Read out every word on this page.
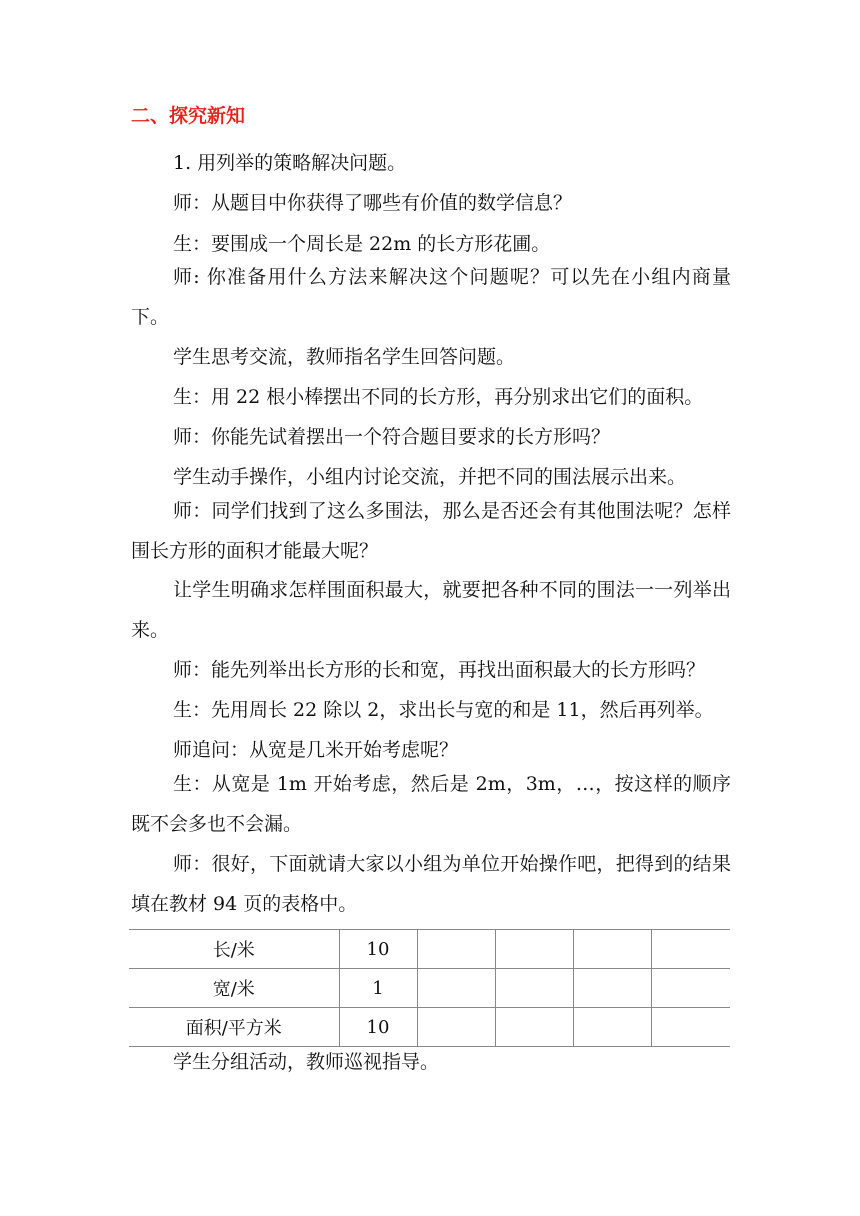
二、探究新知

1. 用列举的策略解决问题。

师：从题目中你获得了哪些有价值的数学信息？

生：要围成一个周长是 22m 的长方形花圃。

师: 你准备用什么方法来解决这个问题呢？可以先在小组内商量下。

学生思考交流，教师指名学生回答问题。

生：用 22 根小棒摆出不同的长方形，再分别求出它们的面积。

师：你能先试着摆出一个符合题目要求的长方形吗？

学生动手操作，小组内讨论交流，并把不同的围法展示出来。

师：同学们找到了这么多围法，那么是否还会有其他围法呢？怎样围长方形的面积才能最大呢？

让学生明确求怎样围面积最大，就要把各种不同的围法一一列举出来。

师：能先列举出长方形的长和宽，再找出面积最大的长方形吗？

生：先用周长 22 除以 2，求出长与宽的和是 11，然后再列举。

师追问：从宽是几米开始考虑呢？

生：从宽是 1m 开始考虑，然后是 2m，3m，…，按这样的顺序既不会多也不会漏。

师：很好，下面就请大家以小组为单位开始操作吧，把得到的结果填在教材 94 页的表格中。

长/米	10				
宽/米	1				
面积/平方米	10				

学生分组活动，教师巡视指导。
